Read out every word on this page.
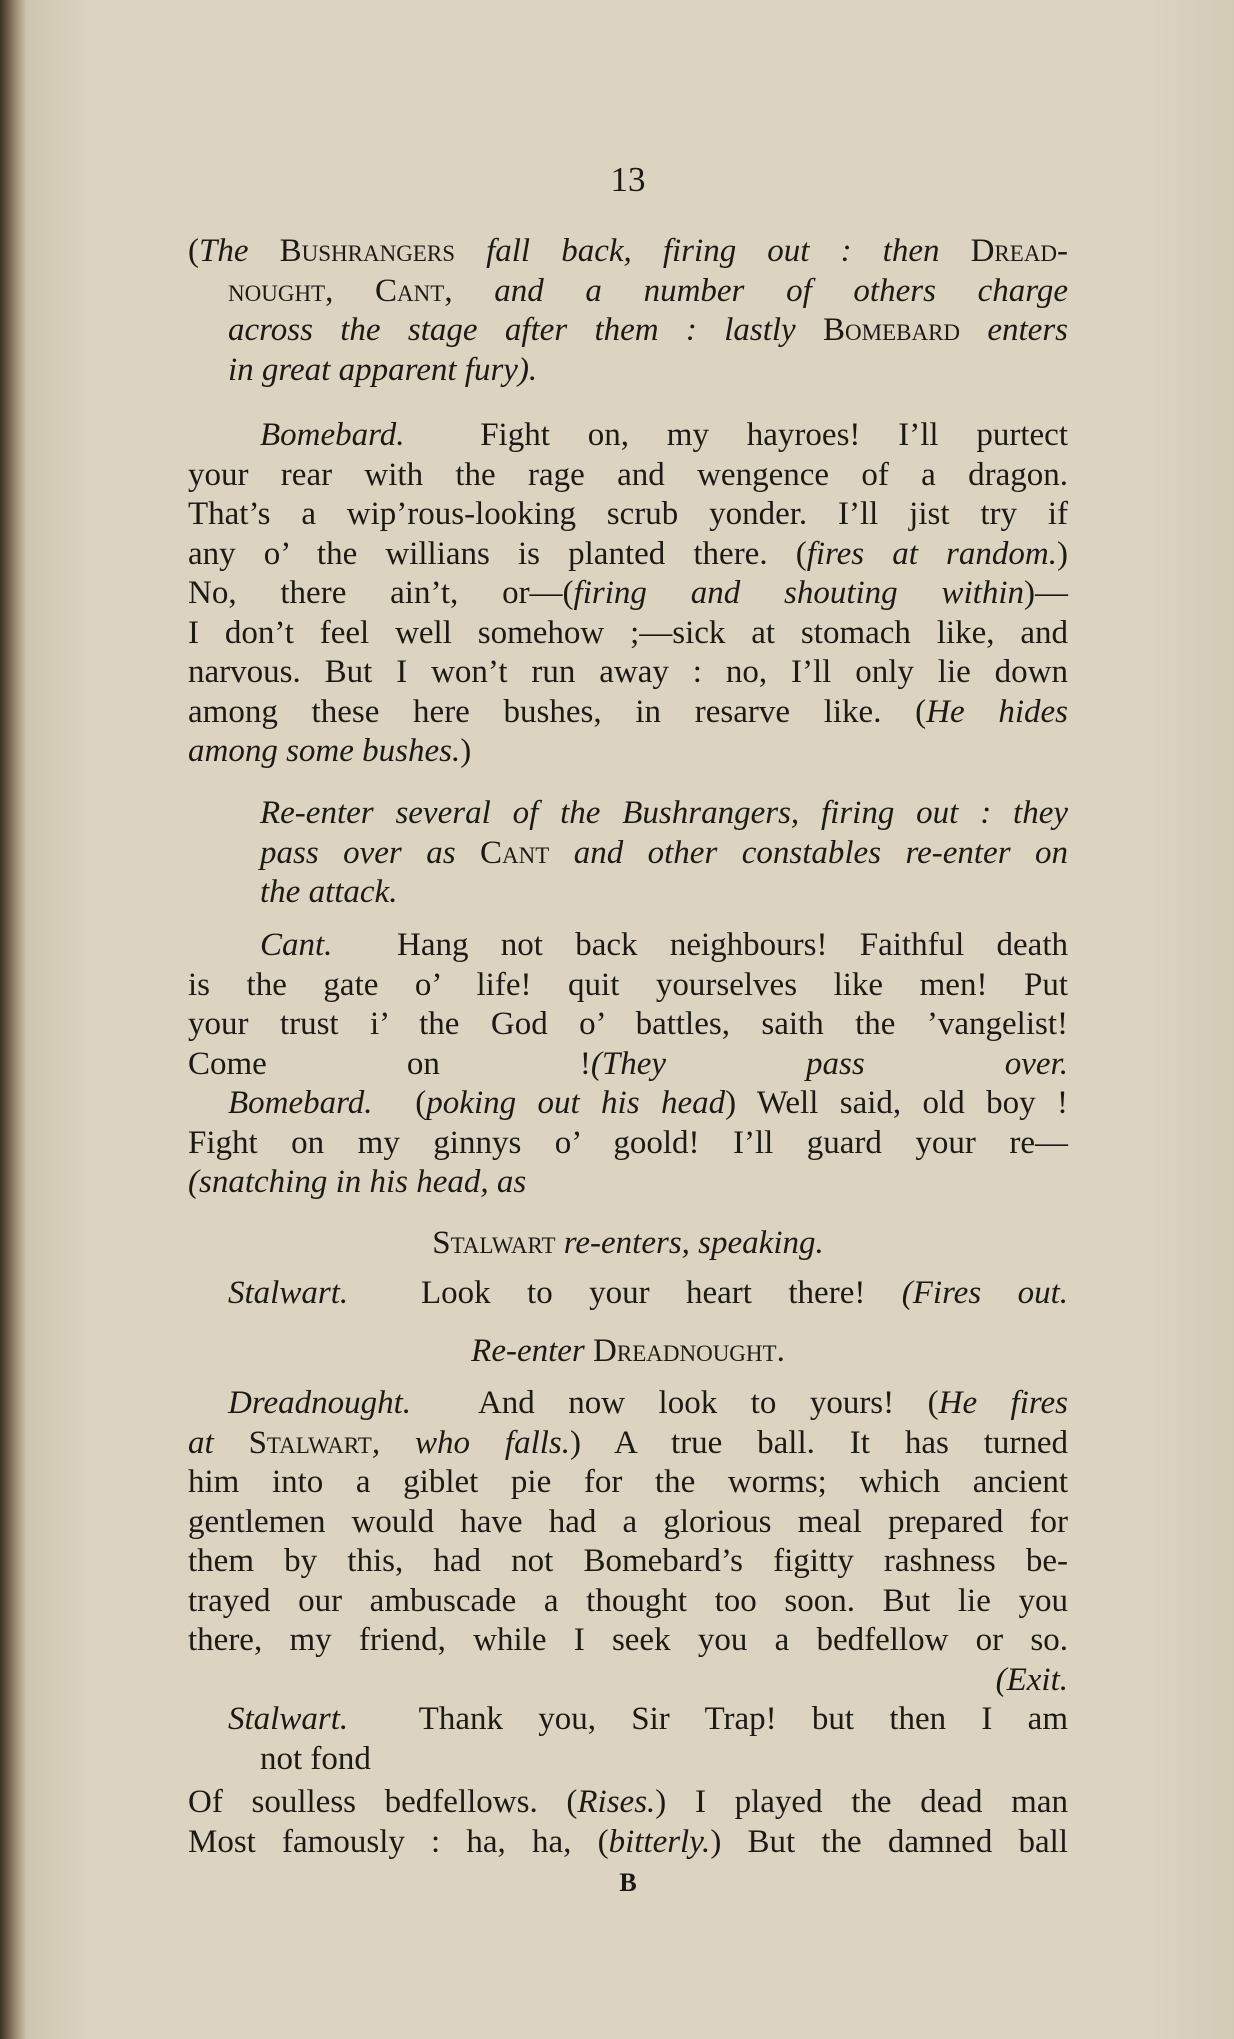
13
(The Bushrangers fall back, firing out : then Dread-
nought, Cant, and a number of others charge
across the stage after them : lastly Bomebard enters
in great apparent fury).
Bomebard. Fight on, my hayroes! I’ll purtect
your rear with the rage and wengence of a dragon.
That’s a wip’rous-looking scrub yonder. I’ll jist try if
any o’ the willians is planted there. (fires at random.)
No, there ain’t, or—(firing and shouting within)—
I don’t feel well somehow ;—sick at stomach like, and
narvous. But I won’t run away : no, I’ll only lie down
among these here bushes, in resarve like. (He hides
among some bushes.)
Re-enter several of the Bushrangers, firing out : they
pass over as Cant and other constables re-enter on
the attack.
Cant. Hang not back neighbours! Faithful death
is the gate o’ life! quit yourselves like men! Put
your trust i’ the God o’ battles, saith the ’vangelist!
Come on !(They pass over.
Bomebard. (poking out his head) Well said, old boy !
Fight on my ginnys o’ goold! I’ll guard your re—
(snatching in his head, as
Stalwart re-enters, speaking.
Stalwart. Look to your heart there! (Fires out.
Re-enter Dreadnought.
Dreadnought. And now look to yours! (He fires
at Stalwart, who falls.) A true ball. It has turned
him into a giblet pie for the worms; which ancient
gentlemen would have had a glorious meal prepared for
them by this, had not Bomebard’s figitty rashness be-
trayed our ambuscade a thought too soon. But lie you
there, my friend, while I seek you a bedfellow or so.
(Exit.
Stalwart. Thank you, Sir Trap! but then I am
not fond
Of soulless bedfellows. (Rises.) I played the dead man
Most famously : ha, ha, (bitterly.) But the damned ball
B
